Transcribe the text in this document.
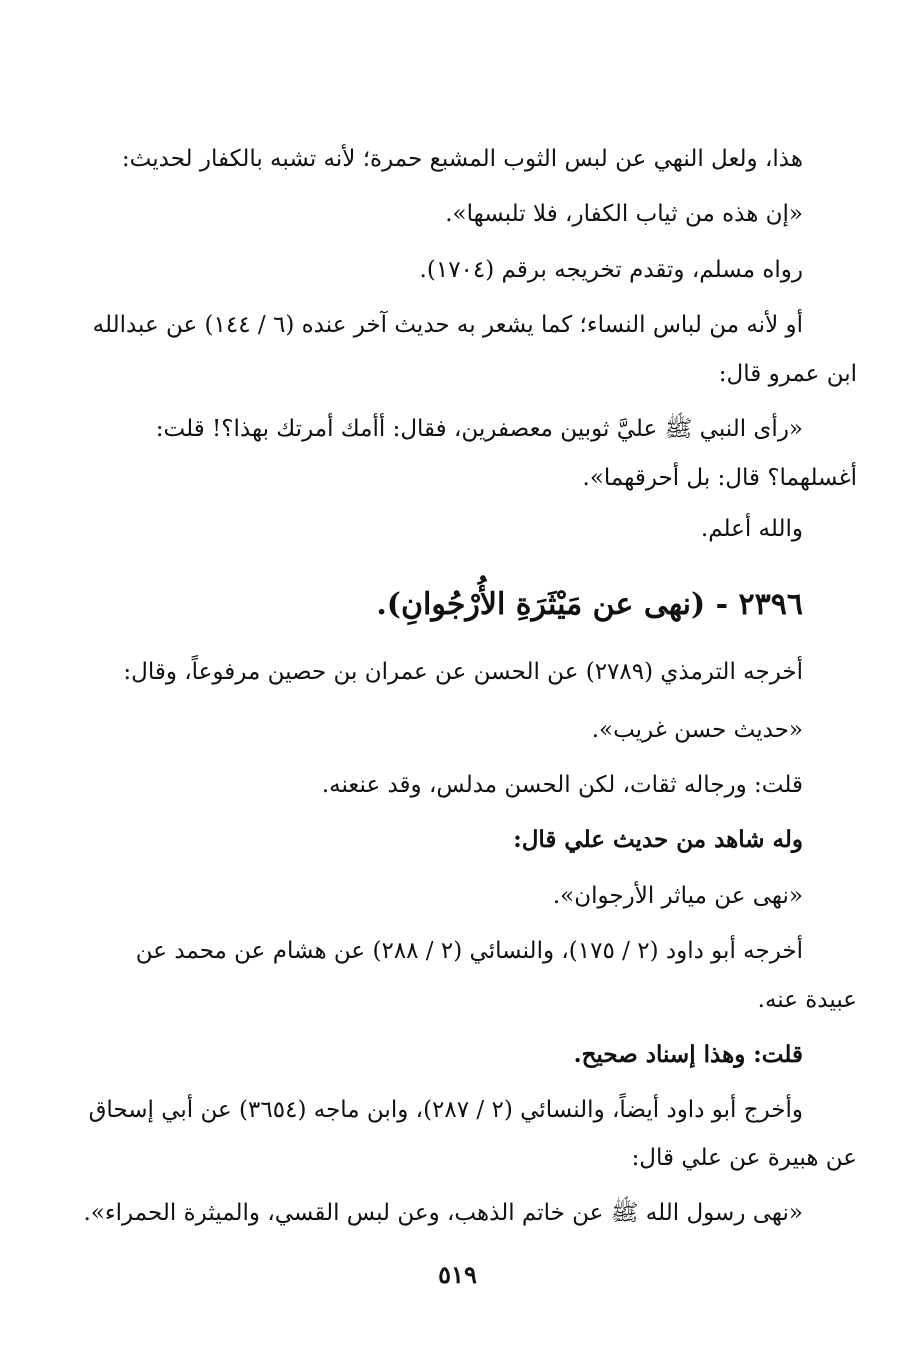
هذا، ولعل النهي عن لبس الثوب المشبع حمرة؛ لأنه تشبه بالكفار لحديث:
«إن هذه من ثياب الكفار، فلا تلبسها».
رواه مسلم، وتقدم تخريجه برقم (١٧٠٤).
أو لأنه من لباس النساء؛ كما يشعر به حديث آخر عنده (٦ / ١٤٤) عن عبدالله
ابن عمرو قال:
«رأى النبي ﷺ عليَّ ثوبين معصفرين، فقال: أأمك أمرتك بهذا؟! قلت:
أغسلهما؟ قال: بل أحرقهما».
والله أعلم.
٢٣٩٦ - (نهى عن مَيْثَرَةِ الأُرْجُوانِ).
أخرجه الترمذي (٢٧٨٩) عن الحسن عن عمران بن حصين مرفوعاً، وقال:
«حديث حسن غريب».
قلت: ورجاله ثقات، لكن الحسن مدلس، وقد عنعنه.
وله شاهد من حديث علي قال:
«نهى عن مياثر الأرجوان».
أخرجه أبو داود (٢ / ١٧٥)، والنسائي (٢ / ٢٨٨) عن هشام عن محمد عن
عبيدة عنه.
قلت: وهذا إسناد صحيح.
وأخرج أبو داود أيضاً، والنسائي (٢ / ٢٨٧)، وابن ماجه (٣٦٥٤) عن أبي إسحاق
عن هبيرة عن علي قال:
«نهى رسول الله ﷺ عن خاتم الذهب، وعن لبس القسي، والميثرة الحمراء».
٥١٩
